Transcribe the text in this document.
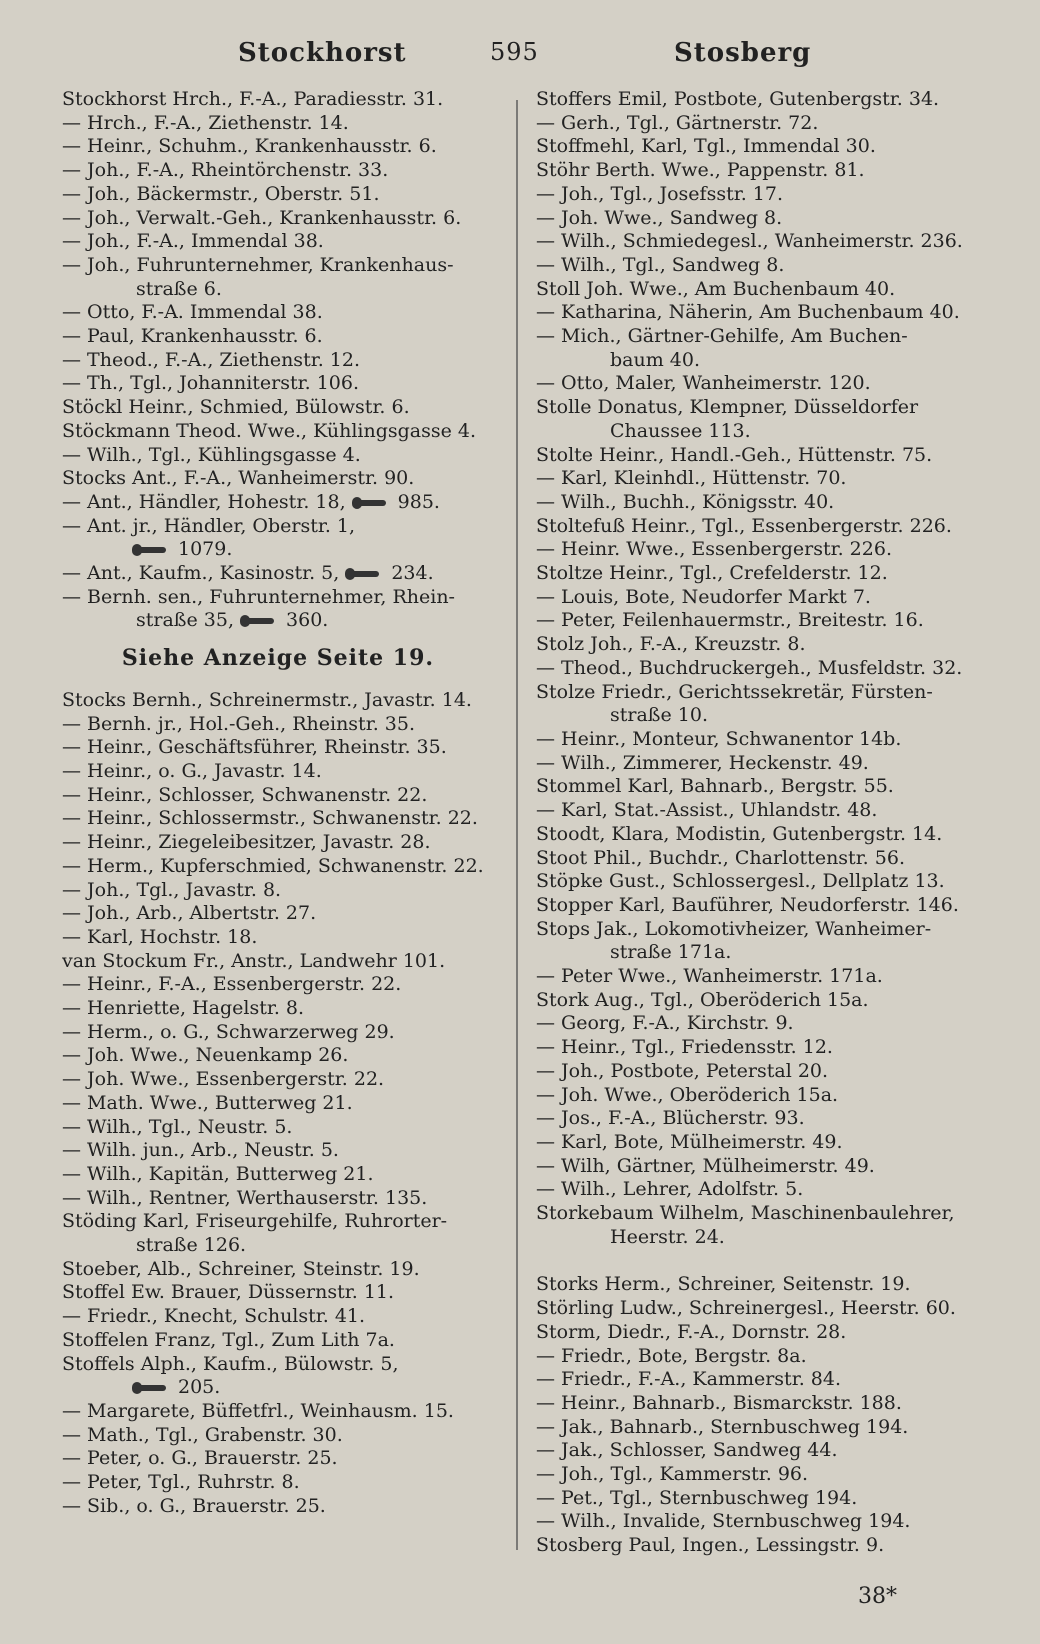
Stockhorst	595	Stosberg
Stockhorst Hrch., F.-A., Paradiesstr. 31.
— Hrch., F.-A., Ziethenstr. 14.
— Heinr., Schuhm., Krankenhausstr. 6.
— Joh., F.-A., Rheintörchenstr. 33.
— Joh., Bäckermstr., Oberstr. 51.
— Joh., Verwalt.-Geh., Krankenhausstr. 6.
— Joh., F.-A., Immendal 38.
— Joh., Fuhrunternehmer, Krankenhaus-
straße 6.
— Otto, F.-A. Immendal 38.
— Paul, Krankenhausstr. 6.
— Theod., F.-A., Ziethenstr. 12.
— Th., Tgl., Johanniterstr. 106.
Stöckl Heinr., Schmied, Bülowstr. 6.
Stöckmann Theod. Wwe., Kühlingsgasse 4.
— Wilh., Tgl., Kühlingsgasse 4.
Stocks Ant., F.-A., Wanheimerstr. 90.
— Ant., Händler, Hohestr. 18,	985.
— Ant. jr., Händler, Oberstr. 1,
1079.
— Ant., Kaufm., Kasinostr. 5,	234.
— Bernh. sen., Fuhrunternehmer, Rhein-
straße 35,	360.
Siehe Anzeige Seite 19.
Stocks Bernh., Schreinermstr., Javastr. 14.
— Bernh. jr., Hol.-Geh., Rheinstr. 35.
— Heinr., Geschäftsführer, Rheinstr. 35.
— Heinr., o. G., Javastr. 14.
— Heinr., Schlosser, Schwanenstr. 22.
— Heinr., Schlossermstr., Schwanenstr. 22.
— Heinr., Ziegeleibesitzer, Javastr. 28.
— Herm., Kupferschmied, Schwanenstr. 22.
— Joh., Tgl., Javastr. 8.
— Joh., Arb., Albertstr. 27.
— Karl, Hochstr. 18.
van Stockum Fr., Anstr., Landwehr 101.
— Heinr., F.-A., Essenbergerstr. 22.
— Henriette, Hagelstr. 8.
— Herm., o. G., Schwarzerweg 29.
— Joh. Wwe., Neuenkamp 26.
— Joh. Wwe., Essenbergerstr. 22.
— Math. Wwe., Butterweg 21.
— Wilh., Tgl., Neustr. 5.
— Wilh. jun., Arb., Neustr. 5.
— Wilh., Kapitän, Butterweg 21.
— Wilh., Rentner, Werthauserstr. 135.
Stöding Karl, Friseurgehilfe, Ruhrorter-
straße 126.
Stoeber, Alb., Schreiner, Steinstr. 19.
Stoffel Ew. Brauer, Düssernstr. 11.
— Friedr., Knecht, Schulstr. 41.
Stoffelen Franz, Tgl., Zum Lith 7a.
Stoffels Alph., Kaufm., Bülowstr. 5,
205.
— Margarete, Büffetfrl., Weinhausm. 15.
— Math., Tgl., Grabenstr. 30.
— Peter, o. G., Brauerstr. 25.
— Peter, Tgl., Ruhrstr. 8.
— Sib., o. G., Brauerstr. 25.
Stoffers Emil, Postbote, Gutenbergstr. 34.
— Gerh., Tgl., Gärtnerstr. 72.
Stoffmehl, Karl, Tgl., Immendal 30.
Stöhr Berth. Wwe., Pappenstr. 81.
— Joh., Tgl., Josefsstr. 17.
— Joh. Wwe., Sandweg 8.
— Wilh., Schmiedegesl., Wanheimerstr. 236.
— Wilh., Tgl., Sandweg 8.
Stoll Joh. Wwe., Am Buchenbaum 40.
— Katharina, Näherin, Am Buchenbaum 40.
— Mich., Gärtner-Gehilfe, Am Buchen-
baum 40.
— Otto, Maler, Wanheimerstr. 120.
Stolle Donatus, Klempner, Düsseldorfer
Chaussee 113.
Stolte Heinr., Handl.-Geh., Hüttenstr. 75.
— Karl, Kleinhdl., Hüttenstr. 70.
— Wilh., Buchh., Königsstr. 40.
Stoltefuß Heinr., Tgl., Essenbergerstr. 226.
— Heinr. Wwe., Essenbergerstr. 226.
Stoltze Heinr., Tgl., Crefelderstr. 12.
— Louis, Bote, Neudorfer Markt 7.
— Peter, Feilenhauermstr., Breitestr. 16.
Stolz Joh., F.-A., Kreuzstr. 8.
— Theod., Buchdruckergeh., Musfeldstr. 32.
Stolze Friedr., Gerichtssekretär, Fürsten-
straße 10.
— Heinr., Monteur, Schwanentor 14b.
— Wilh., Zimmerer, Heckenstr. 49.
Stommel Karl, Bahnarb., Bergstr. 55.
— Karl, Stat.-Assist., Uhlandstr. 48.
Stoodt, Klara, Modistin, Gutenbergstr. 14.
Stoot Phil., Buchdr., Charlottenstr. 56.
Stöpke Gust., Schlossergesl., Dellplatz 13.
Stopper Karl, Bauführer, Neudorferstr. 146.
Stops Jak., Lokomotivheizer, Wanheimer-
straße 171a.
— Peter Wwe., Wanheimerstr. 171a.
Stork Aug., Tgl., Oberöderich 15a.
— Georg, F.-A., Kirchstr. 9.
— Heinr., Tgl., Friedensstr. 12.
— Joh., Postbote, Peterstal 20.
— Joh. Wwe., Oberöderich 15a.
— Jos., F.-A., Blücherstr. 93.
— Karl, Bote, Mülheimerstr. 49.
— Wilh, Gärtner, Mülheimerstr. 49.
— Wilh., Lehrer, Adolfstr. 5.
Storkebaum Wilhelm, Maschinenbaulehrer,
Heerstr. 24.
Storks Herm., Schreiner, Seitenstr. 19.
Störling Ludw., Schreinergesl., Heerstr. 60.
Storm, Diedr., F.-A., Dornstr. 28.
— Friedr., Bote, Bergstr. 8a.
— Friedr., F.-A., Kammerstr. 84.
— Heinr., Bahnarb., Bismarckstr. 188.
— Jak., Bahnarb., Sternbuschweg 194.
— Jak., Schlosser, Sandweg 44.
— Joh., Tgl., Kammerstr. 96.
— Pet., Tgl., Sternbuschweg 194.
— Wilh., Invalide, Sternbuschweg 194.
Stosberg Paul, Ingen., Lessingstr. 9.
38*
